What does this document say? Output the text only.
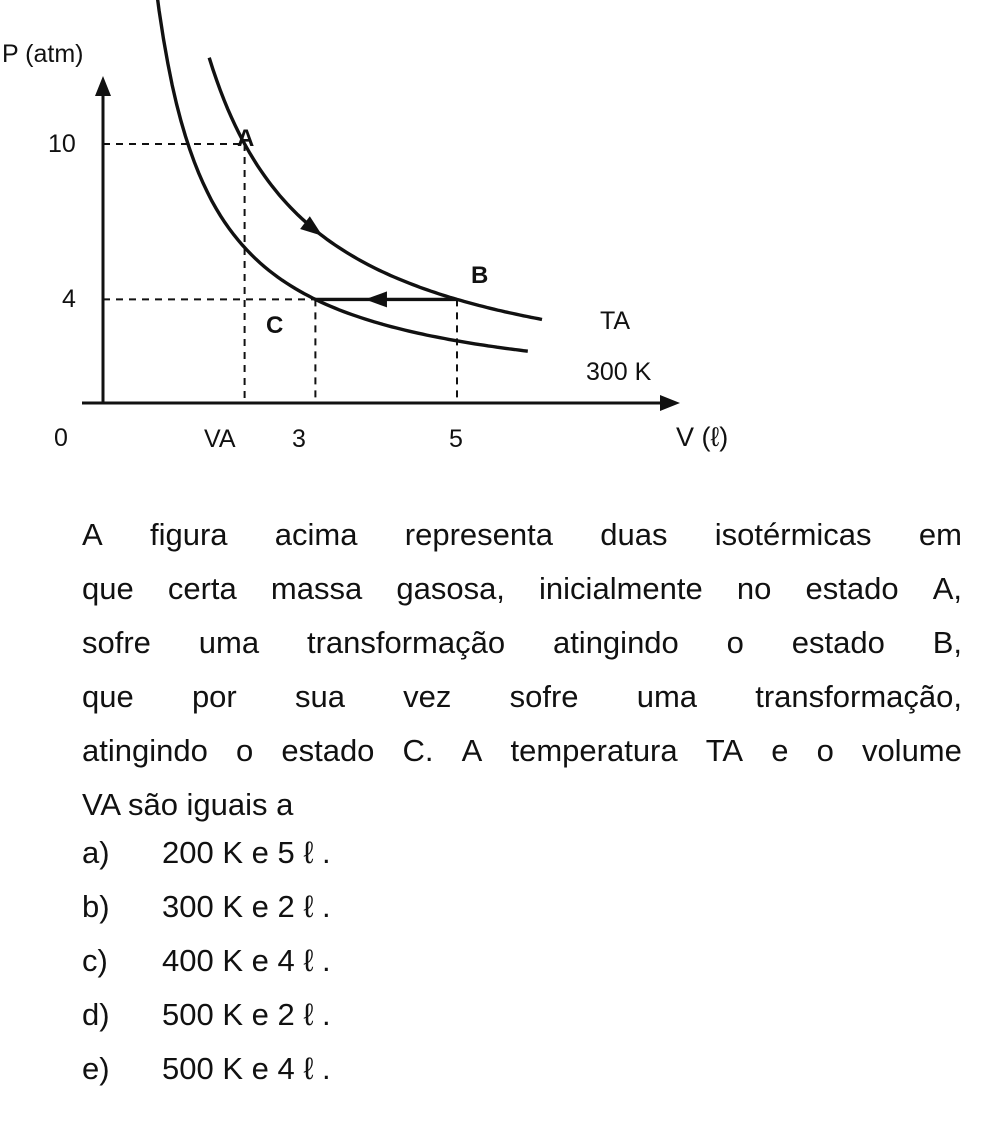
P (atm)
V (ℓ)
0
10
4
VA 3	5
A
B
C	TA
300 K
A figura acima representa duas isotérmicas em
que certa massa gasosa, inicialmente no estado A,
sofre uma transformação atingindo o estado B,
que por sua vez sofre uma transformação,
atingindo o estado C. A temperatura TA e o volume
VA são iguais a
a)	200 K e 5 ℓ .
b)	300 K e 2 ℓ .
c)	400 K e 4 ℓ .
d)	500 K e 2 ℓ .
e)	500 K e 4 ℓ .
